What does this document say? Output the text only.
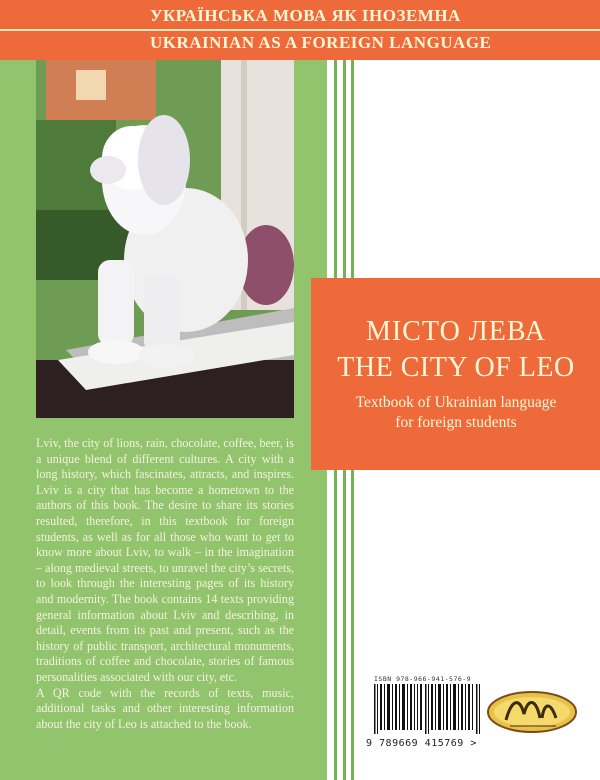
УКРАЇНСЬКА МОВА ЯК ІНОЗЕМНА
UKRAINIAN AS A FOREIGN LANGUAGE
МІСТО ЛЕВА
THE CITY OF LEO
Textbook of Ukrainian language
for foreign students

Lviv, the city of lions, rain, chocolate, coffee, beer, is a unique blend of different cultures. A city with a long history, which fascinates, attracts, and inspires. Lviv is a city that has become a hometown to the authors of this book. The desire to share its stories resulted, therefore, in this textbook for foreign students, as well as for all those who want to get to know more about Lviv, to walk – in the imagination – along medieval streets, to unravel the city’s secrets, to look through the interesting pages of its history and modernity. The book contains 14 texts providing general information about Lviv and describing, in detail, events from its past and present, such as the history of public transport, architectural monuments, traditions of coffee and chocolate, stories of famous personalities associated with our city, etc.

A QR code with the records of texts, music, additional tasks and other interesting information about the city of Leo is attached to the book.

ISBN 978-966-941-576-9
9 789669 415769 >
